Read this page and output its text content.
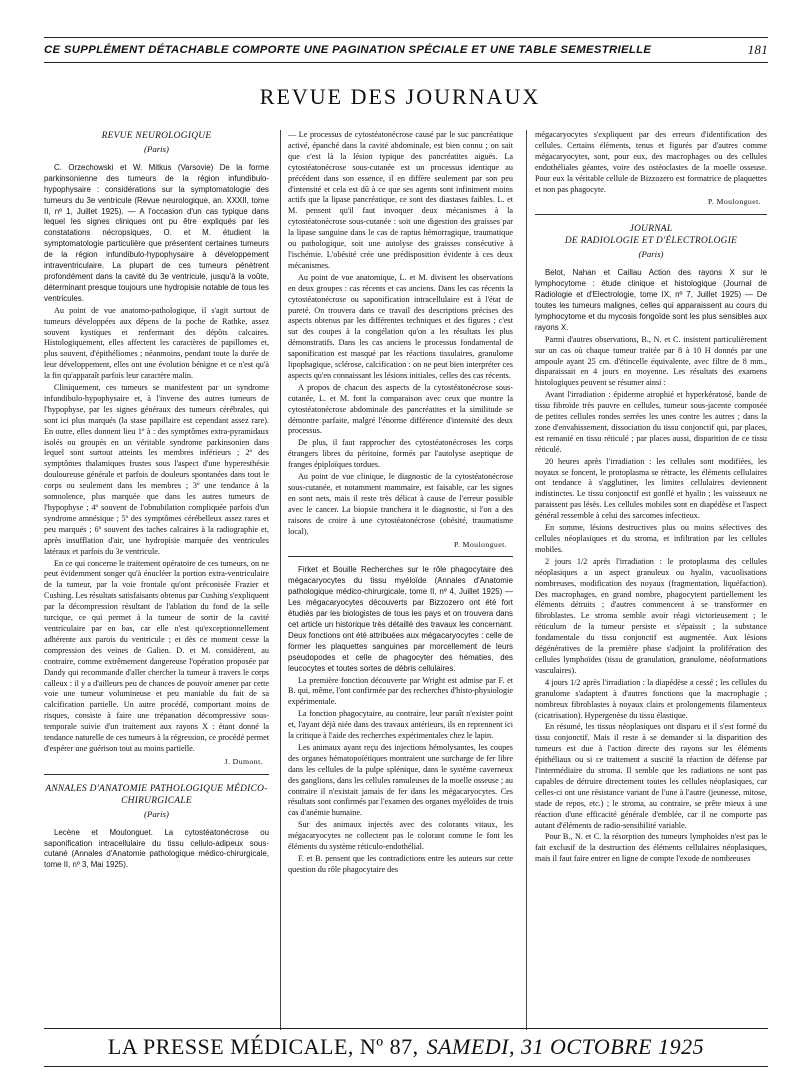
CE SUPPLÉMENT DÉTACHABLE COMPORTE UNE PAGINATION SPÉCIALE ET UNE TABLE SEMESTRIELLE	181
REVUE DES JOURNAUX
REVUE NEUROLOGIQUE
(Paris)

C. Orzechowski et W. Mitkus (Varsovie) De la forme parkinsonienne des tumeurs de la région infundibulo-hypophysaire : considérations sur la symptomatologie des tumeurs du 3e ventricule (Revue neurologique, an. XXXII, tome II, nº 1, Juillet 1925). — A l'occasion d'un cas typique dans lequel les signes cliniques ont pu être expliqués par les constatations nécropsiques, O. et M. étudient la symptomatologie particulière que présentent certaines tumeurs de la région infundibulo-hypophysaire à développement intraventriculaire. La plupart de ces tumeurs pénètrent profondément dans la cavité du 3e ventricule, jusqu'à la voûte, déterminant presque toujours une hydropisie notable de tous les ventricules.

Au point de vue anatomo-pathologique, il s'agit surtout de tumeurs développées aux dépens de la poche de Rathke, assez souvent kystiques et renfermant des dépôts calcaires. Histologiquement, elles affectent les caractères de papillomes et, plus souvent, d'épithéliomes ; néanmoins, pendant toute la durée de leur développement, elles ont une évolution bénigne et ce n'est qu'à la fin qu'apparaît parfois leur caractère malin.

Cliniquement, ces tumeurs se manifestent par un syndrome infundibulo-hypophysaire et, à l'inverse des autres tumeurs de l'hypophyse, par les signes généraux des tumeurs cérébrales, qui sont ici plus marqués (la stase papillaire est cependant assez rare). En outre, elles donnent lieu 1º à : des symptômes extra-pyramidaux isolés ou groupés en un véritable syndrome parkinsonien dans lequel sont surtout atteints les membres inférieurs ; 2º des symptômes thalamiques frustes sous l'aspect d'une hyperesthésie douloureuse générale et parfois de douleurs spontanées dans tout le corps ou seulement dans les membres ; 3º une tendance à la somnolence, plus marquée que dans les autres tumeurs de l'hypophyse ; 4º souvent de l'obnubilation compliquée parfois d'un syndrome amnésique ; 5º des symptômes cérébelleux assez rares et peu marqués ; 6º souvent des taches calcaires à la radiographie et, après insufflation d'air, une hydropisie marquée des ventricules latéraux et parfois du 3e ventricule.

En ce qui concerne le traitement opératoire de ces tumeurs, on ne peut évidemment songer qu'à énucléer la portion extra-ventriculaire de la tumeur, par la voie frontale qu'ont préconisée Frazier et Cushing. Les résultats satisfaisants obtenus par Cushing s'expliquent par la décompression résultant de l'ablation du fond de la selle turcique, ce qui permet à la tumeur de sortir de la cavité ventriculaire par en bas, car elle n'est qu'exceptionnellement adhérente aux parois du ventricule ; et dès ce moment cesse la compression des veines de Galien. D. et M. considèrent, au contraire, comme extrêmement dangereuse l'opération proposée par Dandy qui recommande d'aller chercher la tumeur à travers le corps calleux : il y a d'ailleurs peu de chances de pouvoir amener par cette voie une tumeur volumineuse et peu maniable du fait de sa calcification partielle. Un autre procédé, comportant moins de risques, consiste à faire une trépanation décompressive sous-temporale suivie d'un traitement aux rayons X : étant donné la tendance naturelle de ces tumeurs à la régression, ce procédé permet d'espérer une guérison tout au moins partielle.

J. Dumont.
ANNALES D'ANATOMIE PATHOLOGIQUE MÉDICO-CHIRURGICALE
(Paris)

Lecène et Moulonguet. La cytostéatonécrose ou saponification intracellulaire du tissu cellulo-adipeux sous-cutané (Annales d'Anatomie pathologique médico-chirurgicale, tome II, nº 3, Mai 1925).

— Le processus de cytostéatonécrose causé par le suc pancréatique activé, épanché dans la cavité abdominale, est bien connu ; on sait que c'est là la lésion typique des pancréatites aiguës. La cytostéatonécrose sous-cutanée est un processus identique au précédent dans son essence, il en diffère seulement par son peu d'intensité et cela est dû à ce que ses agents sont infiniment moins actifs que la lipase pancréatique, ce sont des diastases faibles. L. et M. pensent qu'il faut invoquer deux mécanismes à la cytostéatonécrose sous-cutanée : soit une digestion des graisses par la lipase sanguine dans le cas de raptus hémorragique, traumatique ou pathologique, soit une autolyse des graisses consécutive à l'ischémie. L'obésité crée une prédisposition évidente à ces deux mécanismes.

Au point de vue anatomique, L. et M. divisent les observations en deux groupes : cas récents et cas anciens. Dans les cas récents la cytostéatonécrose ou saponification intracellulaire est à l'état de pureté. On trouvera dans ce travail des descriptions précises des aspects obtenus par les différentes techniques et des figures ; c'est sur des coupes à la congélation qu'on a les résultats les plus démonstratifs. Dans les cas anciens le processus fondamental de saponification est masqué par les réactions tissulaires, granulome lipophagique, sclérose, calcification : on ne peut bien interpréter ces aspects qu'en connaissant les lésions initiales, celles des cas récents.

A propos de chacun des aspects de la cytostéatonécrose sous-cutanée, L. et M. font la comparaison avec ceux que montre la cytostéatonécrose abdominale des pancréatites et la similitude se démontre parfaite, malgré l'énorme différence d'intensité des deux processus.

De plus, il faut rapprocher des cytostéatonécroses les corps étrangers libres du péritoine, formés par l'autolyse aseptique de franges épiploïques tordues.

Au point de vue clinique, le diagnostic de la cytostéatonécrose sous-cutanée, et notamment mammaire, est faisable, car les signes en sont nets, mais il reste très délicat à cause de l'erreur possible avec le cancer. La biopsie tranchera it le diagnostic, si l'on a des raisons de croire à une cytostéatonécrose (obésité, traumatisme local).

P. Moulonguet.

Firket et Bouille Recherches sur le rôle phagocytaire des mégacaryocytes du tissu myéloïde (Annales d'Anatomie pathologique médico-chirurgicale, tome II, nº 4, Juillet 1925) — Les mégacaryocytes découverts par Bizzozero ont été fort étudiés par les biologistes de tous les pays et on trouvera dans cet article un historique très détaillé des travaux les concernant. Deux fonctions ont été attribuées aux mégacaryocytes : celle de former les plaquettes sanguines par morcellement de leurs pseudopodes et celle de phagocyter des hématies, des leucocytes et toutes sortes de débris cellulaires.

La première fonction découverte par Wright est admise par F. et B. qui, même, l'ont confirmée par des recherches d'histo-physiologie expérimentale.

La fonction phagocytaire, au contraire, leur paraît n'exister point et, l'ayant déjà niée dans des travaux antérieurs, ils en reprennent ici la critique à l'aide des recherches expérimentales chez le lapin.

Les animaux ayant reçu des injections hémolysantes, les coupes des organes hématopoïétiques montraient une surcharge de fer libre dans les cellules de la pulpe splénique, dans le système caverneux des ganglions, dans les cellules ramuleuses de la moelle osseuse ; au contraire il n'existait jamais de fer dans les mégacaryocytes. Ces résultats sont confirmés par l'examen des organes myéloïdes de trois cas d'anémie humaine.

Sur des animaux injectés avec des colorants vitaux, les mégacaryocytes ne collectent pas le colorant comme le font les éléments du système réticulo-endothélial.

F. et B. pensent que les contradictions entre les auteurs sur cette question du rôle phagocytaire des

mégacaryocytes s'expliquent par des erreurs d'identification des cellules. Certains éléments, tenus et figurés par d'autres comme mégacaryocytes, sont, pour eux, des macrophages ou des cellules endothéliales géantes, voire des ostéoclastes de la moelle osseuse. Pour eux la véritable cellule de Bizzozero est formatrice de plaquettes et non pas phagocyte.

P. Moulonguet.
JOURNAL
DE RADIOLOGIE ET D'ÉLECTROLOGIE
(Paris)

Belot, Nahan et Caillau Action des rayons X sur le lymphocytome : étude clinique et histologique (Journal de Radiologie et d'Electrologie, tome IX, nº 7, Juillet 1925) — De toutes les tumeurs malignes, celles qui apparaissent au cours du lymphocytome et du mycosis fongoïde sont les plus sensibles aux rayons X.

Parmi d'autres observations, B., N. et C. insistent particulièrement sur un cas où chaque tumeur traitée par 8 à 10 H donnés par une ampoule ayant 25 cm. d'étincelle équivalente, avec filtre de 8 mm., disparaissait en 4 jours en moyenne. Les résultats des examens histologiques peuvent se résumer ainsi :

Avant l'irradiation : épiderme atrophié et hyperkératosé, bande de tissu fibroïde très pauvre en cellules, tumeur sous-jacente composée de petites cellules rondes serrées les unes contre les autres ; dans la zone d'envahissement, dissociation du tissu conjonctif qui, par places, est remanié en tissu réticulé ; par places aussi, disparition de ce tissu réticulé.

20 heures après l'irradiation : les cellules sont modifiées, les noyaux se foncent, le protoplasma se rétracte, les éléments cellulaires ont tendance à s'agglutiner, les limites cellulaires deviennent indistinctes. Le tissu conjonctif est gonflé et hyalin ; les vaisseaux ne paraissent pas lésés. Les cellules mobiles sont en diapédèse et l'aspect général ressemble à celui des sarcomes infectieux.

En somme, lésions destructives plus ou moins sélectives des cellules néoplasiques et du stroma, et infiltration par les cellules mobiles.

2 jours 1/2 après l'irradiation : le protoplasma des cellules néoplasiques a un aspect granuleux ou hyalin, vacuolisations nombreuses, modification des noyaux (fragmentation, liquéfaction). Des macrophages, en grand nombre, phagocytent partiellement les éléments détruits ; d'autres commencent à se transformer en fibroblastes. Le stroma semble avoir réagi victorieusement ; le réticulum de la tumeur persiste et s'épaissit ; la substance fondamentale du tissu conjonctif est augmentée. Aux lésions dégénératives de la première phase s'adjoint la prolifération des cellules lymphoïdes (tissu de granulation, granulome, néoformations vasculaires).

4 jours 1/2 après l'irradiation : la diapédèse a cessé ; les cellules du granulome s'adaptent à d'autres fonctions que la macrophagie ; nombreux fibroblastes à noyaux clairs et prolongements filamenteux (cicatrisation). Hypergenèse du tissu élastique.

En résumé, les tissus néoplasiques ont disparu et il s'est formé du tissu conjonctif. Mais il reste à se demander si la disparition des tumeurs est due à l'action directe des rayons sur les éléments épithéliaux ou si ce traitement a suscité la réaction de défense par l'intermédiaire du stroma. Il semble que les radiations ne sont pas capables de détruire directement toutes les cellules néoplasiques, car celles-ci ont une résistance variant de l'une à l'autre (jeunesse, mitose, stade de repos, etc.) ; le stroma, au contraire, se prête mieux à une réaction d'une efficacité générale d'emblée, car il ne comporte pas autant d'éléments de radio-sensibilité variable.

Pour B., N. et C. la résorption des tumeurs lymphoïdes n'est pas le fait exclusif de la destruction des éléments cellulaires néoplasiques, mais il faut faire entrer en ligne de compte l'exode de nombreuses

LA PRESSE MÉDICALE, Nº 87, SAMEDI, 31 OCTOBRE 1925
